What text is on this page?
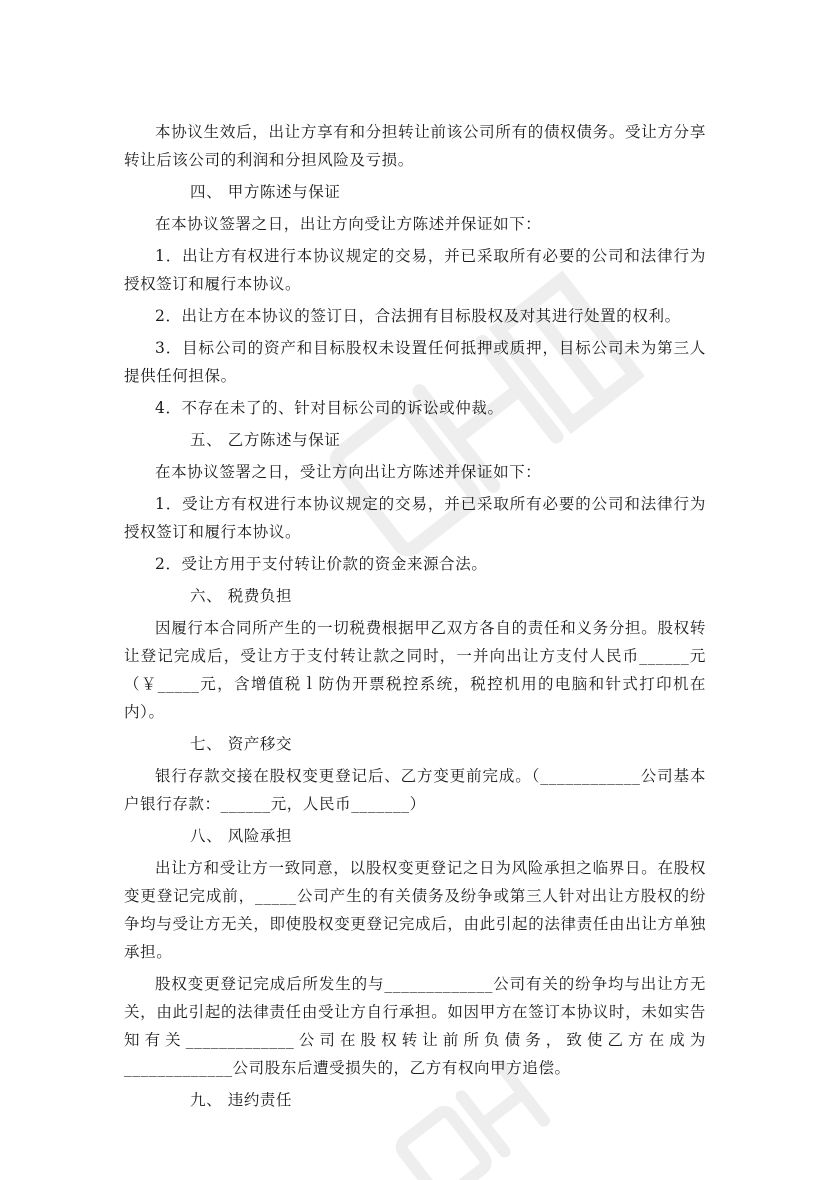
本协议生效后，出让方享有和分担转让前该公司所有的债权债务。受让方分享转让后该公司的利润和分担风险及亏损。

四、 甲方陈述与保证

在本协议签署之日，出让方向受让方陈述并保证如下：

1．出让方有权进行本协议规定的交易，并已采取所有必要的公司和法律行为授权签订和履行本协议。

2．出让方在本协议的签订日，合法拥有目标股权及对其进行处置的权利。

3．目标公司的资产和目标股权未设置任何抵押或质押，目标公司未为第三人提供任何担保。

4．不存在未了的、针对目标公司的诉讼或仲裁。

五、 乙方陈述与保证

在本协议签署之日，受让方向出让方陈述并保证如下：

1．受让方有权进行本协议规定的交易，并已采取所有必要的公司和法律行为授权签订和履行本协议。

2．受让方用于支付转让价款的资金来源合法。

六、 税费负担

因履行本合同所产生的一切税费根据甲乙双方各自的责任和义务分担。股权转让登记完成后，受让方于支付转让款之同时，一并向出让方支付人民币______元（￥_____元，含增值税ｌ防伪开票税控系统，税控机用的电脑和针式打印机在内）。

七、 资产移交

银行存款交接在股权变更登记后、乙方变更前完成。（____________公司基本户银行存款：______元，人民币_______）

八、 风险承担

出让方和受让方一致同意，以股权变更登记之日为风险承担之临界日。在股权变更登记完成前，_____公司产生的有关债务及纷争或第三人针对出让方股权的纷争均与受让方无关，即使股权变更登记完成后，由此引起的法律责任由出让方单独承担。

股权变更登记完成后所发生的与_____________公司有关的纷争均与出让方无关，由此引起的法律责任由受让方自行承担。如因甲方在签订本协议时，未如实告知有关_____________公司在股权转让前所负债务，致使乙方在成为_____________公司股东后遭受损失的，乙方有权向甲方追偿。

九、 违约责任
